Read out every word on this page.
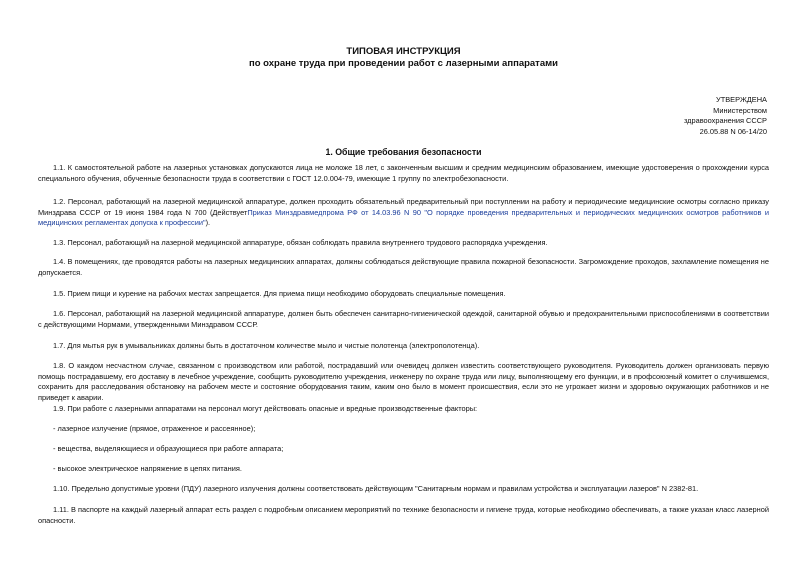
ТИПОВАЯ ИНСТРУКЦИЯ
по охране труда при проведении работ с лазерными аппаратами
УТВЕРЖДЕНА
Министерством
здравоохранения СССР
26.05.88 N 06-14/20
1. Общие требования безопасности

1.1. К самостоятельной работе на лазерных установках допускаются лица не моложе 18 лет, с законченным высшим и средним медицинским образованием, имеющие удостоверения о прохождении курса специального обучения, обученные безопасности труда в соответствии с ГОСТ 12.0.004-79, имеющие 1 группу по электробезопасности.

1.2. Персонал, работающий на лазерной медицинской аппаратуре, должен проходить обязательный предварительный при поступлении на работу и периодические медицинские осмотры согласно приказу Минздрава СССР от 19 июня 1984 года N 700 (ДействуетПриказ Минздравмедпрома РФ от 14.03.96 N 90 "О порядке проведения предварительных и периодических медицинских осмотров работников и медицинских регламентах допуска к профессии").

1.3. Персонал, работающий на лазерной медицинской аппаратуре, обязан соблюдать правила внутреннего трудового распорядка учреждения.

1.4. В помещениях, где проводятся работы на лазерных медицинских аппаратах, должны соблюдаться действующие правила пожарной безопасности. Загромождение проходов, захламление помещения не допускается.

1.5. Прием пищи и курение на рабочих местах запрещается. Для приема пищи необходимо оборудовать специальные помещения.

1.6. Персонал, работающий на лазерной медицинской аппаратуре, должен быть обеспечен санитарно-гигиенической одеждой, санитарной обувью и предохранительными приспособлениями в соответствии с действующими Нормами, утвержденными Минздравом СССР.

1.7. Для мытья рук в умывальниках должны быть в достаточном количестве мыло и чистые полотенца (электрополотенца).

1.8. О каждом несчастном случае, связанном с производством или работой, пострадавший или очевидец должен известить соответствующего руководителя. Руководитель должен организовать первую помощь пострадавшему, его доставку в лечебное учреждение, сообщить руководителю учреждения, инженеру по охране труда или лицу, выполняющему его функции, и в профсоюзный комитет о случившемся, сохранить для расследования обстановку на рабочем месте и состояние оборудования таким, каким оно было в момент происшествия, если это не угрожает жизни и здоровью окружающих работников и не приведет к аварии.

1.9. При работе с лазерными аппаратами на персонал могут действовать опасные и вредные производственные факторы:

- лазерное излучение (прямое, отраженное и рассеянное);

- вещества, выделяющиеся и образующиеся при работе аппарата;

- высокое электрическое напряжение в цепях питания.

1.10. Предельно допустимые уровни (ПДУ) лазерного излучения должны соответствовать действующим "Санитарным нормам и правилам устройства и эксплуатации лазеров" N 2382-81.

1.11. В паспорте на каждый лазерный аппарат есть раздел с подробным описанием мероприятий по технике безопасности и гигиене труда, которые необходимо обеспечивать, а также указан класс лазерной опасности.
